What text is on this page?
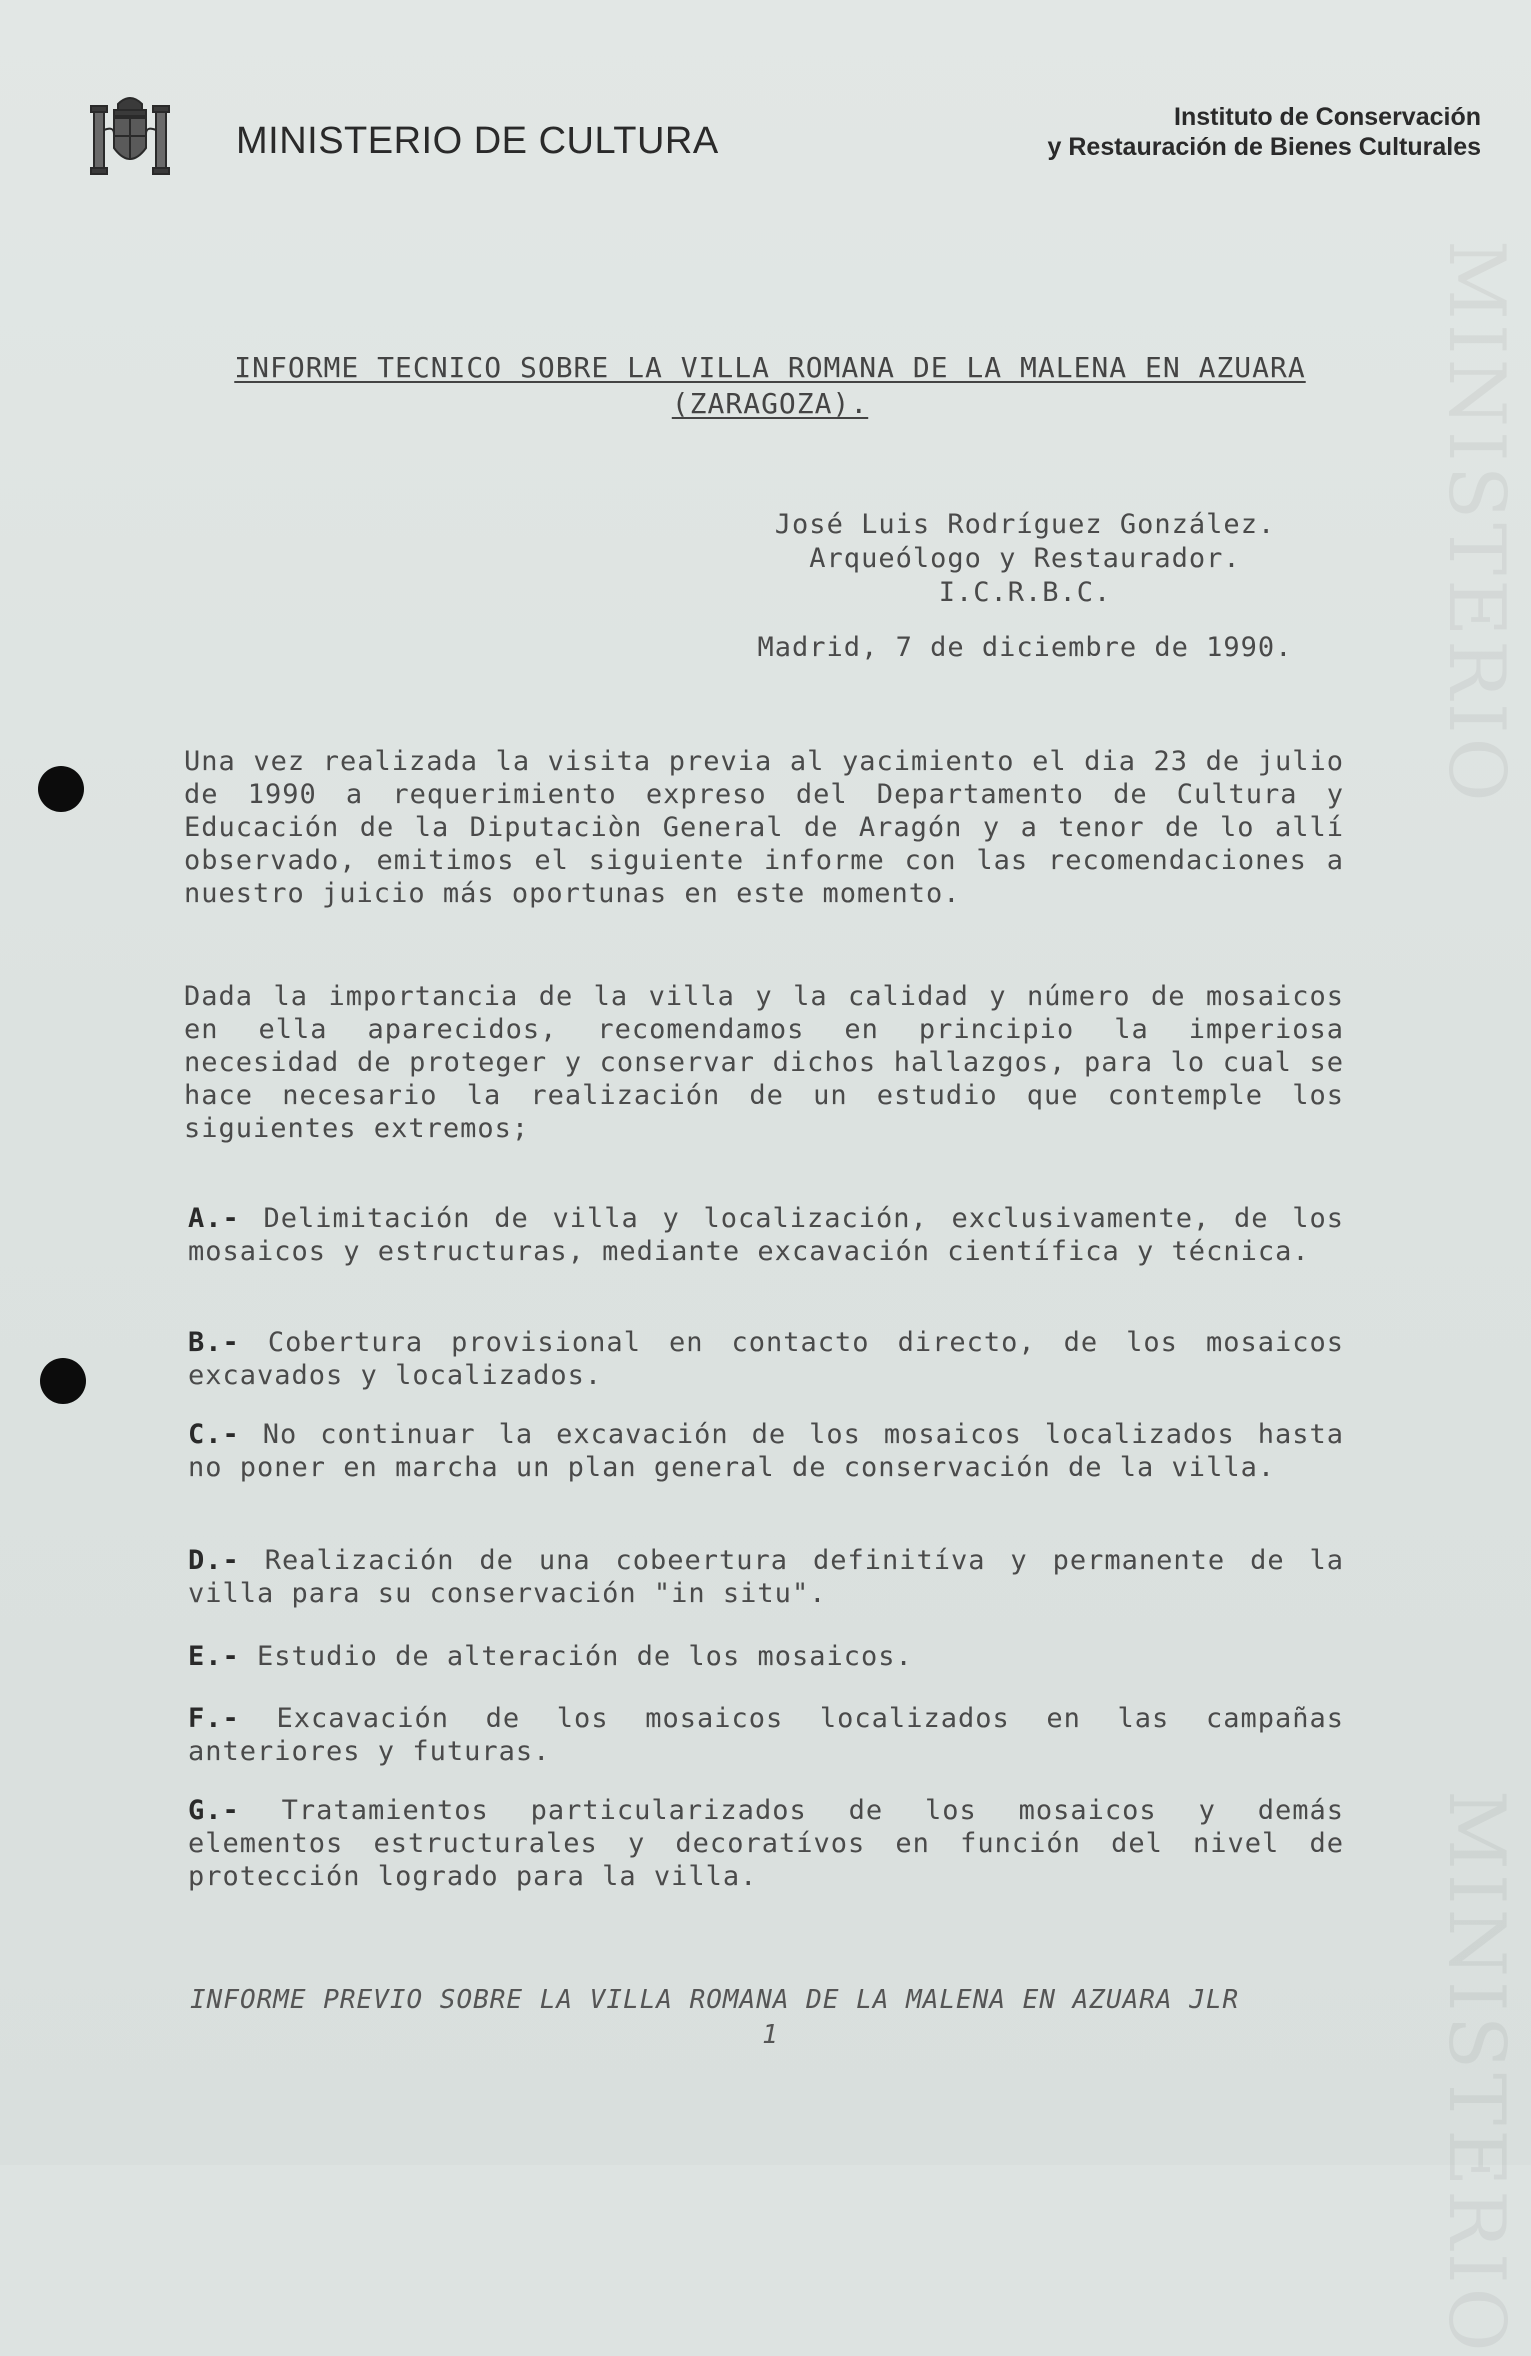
MINISTERIO
MINISTERIO
MINISTERIO DE CULTURA
Instituto de Conservación
y Restauración de Bienes Culturales
INFORME TECNICO SOBRE LA VILLA ROMANA DE LA MALENA EN AZUARA
(ZARAGOZA).
José Luis Rodríguez González.
Arqueólogo y Restaurador.
I.C.R.B.C.
Madrid, 7 de diciembre de 1990.

Una vez realizada la visita previa al yacimiento el dia 23 de julio de 1990 a requerimiento expreso del Departamento de Cultura y Educación de la Diputaciòn General de Aragón y a tenor de lo allí observado, emitimos el siguiente informe con las recomendaciones a nuestro juicio más oportunas en este momento.

Dada la importancia de la villa y la calidad y número de mosaicos en ella aparecidos, recomendamos en principio la imperiosa necesidad de proteger y conservar dichos hallazgos, para lo cual se hace necesario la realización de un estudio que contemple los siguientes extremos;

A.- Delimitación de villa y localización, exclusivamente, de los mosaicos y estructuras, mediante excavación científica y técnica.
B.- Cobertura provisional en contacto directo, de los mosaicos excavados y localizados.
C.- No continuar la excavación de los mosaicos localizados hasta no poner en marcha un plan general de conservación de la villa.
D.- Realización de una cobeertura definitíva y permanente de la villa para su conservación "in situ".
E.- Estudio de alteración de los mosaicos.
F.- Excavación de los mosaicos localizados en las campañas anteriores y futuras.
G.- Tratamientos particularizados de los mosaicos y demás elementos estructurales y decoratívos en función del nivel de protección logrado para la villa.
INFORME PREVIO SOBRE LA VILLA ROMANA DE LA MALENA EN AZUARA JLR
1
